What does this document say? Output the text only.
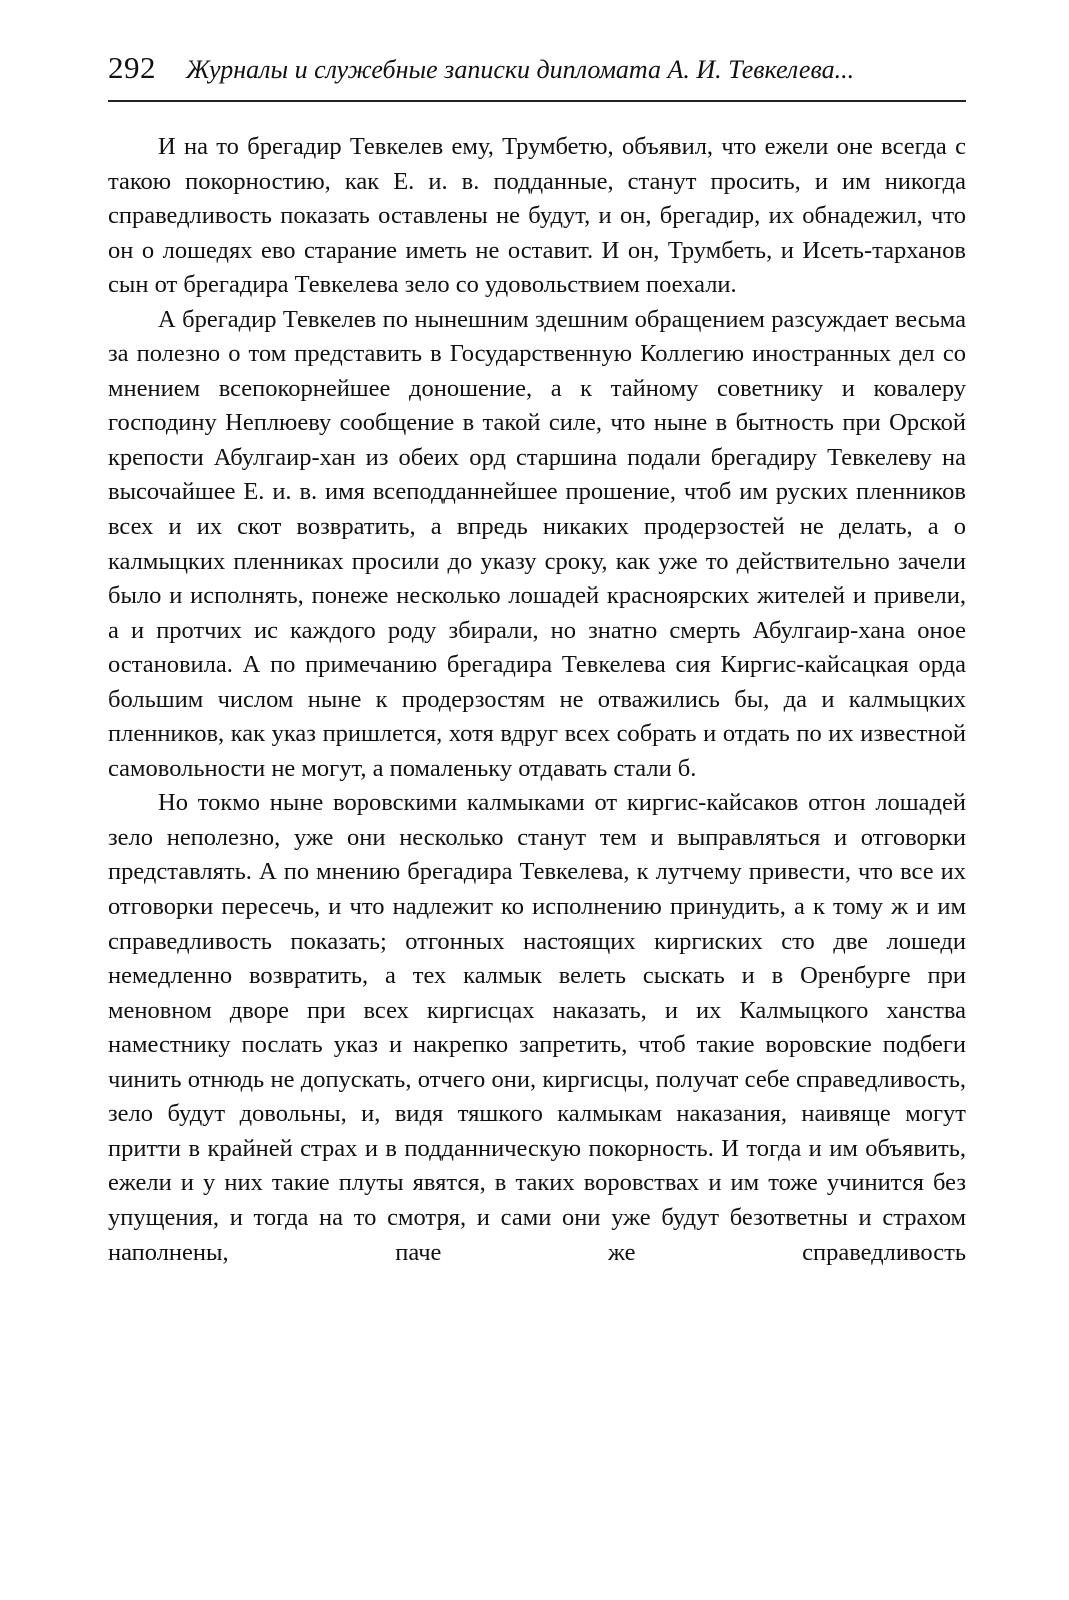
292 Журналы и служебные записки дипломата А. И. Тевкелева...

И на то брегадир Тевкелев ему, Трумбетю, объявил, что ежели оне всегда с такою покорностию, как Е. и. в. подданные, станут просить, и им никогда справедливость показать оставлены не будут, и он, брегадир, их обнадежил, что он о лошедях ево старание иметь не оставит. И он, Трумбеть, и Исеть-тарханов сын от брегадира Тевкелева зело со удовольствием поехали.

А брегадир Тевкелев по нынешним здешним обращением разсуждает весьма за полезно о том представить в Государственную Коллегию иностранных дел со мнением всепокорнейшее доношение, а к тайному советнику и ковалеру господину Неплюеву сообщение в такой силе, что ныне в бытность при Орской крепости Абулгаир-хан из обеих орд старшина подали брегадиру Тевкелеву на высочайшее Е. и. в. имя всеподданнейшее прошение, чтоб им руских пленников всех и их скот возвратить, а впредь никаких продерзостей не делать, а о калмыцких пленниках просили до указу сроку, как уже то действительно зачели было и исполнять, понеже несколько лошадей красноярских жителей и привели, а и протчих ис каждого роду збирали, но знатно смерть Абулгаир-хана оное остановила. А по примечанию брегадира Тевкелева сия Киргис-кайсацкая орда большим числом ныне к продерзостям не отважились бы, да и калмыцких пленников, как указ пришлется, хотя вдруг всех собрать и отдать по их известной самовольности не могут, а помаленьку отдавать стали б.

Но токмо ныне воровскими калмыками от киргис-кайсаков отгон лошадей зело неполезно, уже они несколько станут тем и выправляться и отговорки представлять. А по мнению брегадира Тевкелева, к лутчему привести, что все их отговорки пересечь, и что надлежит ко исполнению принудить, а к тому ж и им справедливость показать; отгонных настоящих киргиских сто две лошеди немедленно возвратить, а тех калмык велеть сыскать и в Оренбурге при меновном дворе при всех киргисцах наказать, и их Калмыцкого ханства наместнику послать указ и накрепко запретить, чтоб такие воровские подбеги чинить отнюдь не допускать, отчего они, киргисцы, получат себе справедливость, зело будут довольны, и, видя тяшкого калмыкам наказания, наивяще могут притти в крайней страх и в подданническую покорность. И тогда и им объявить, ежели и у них такие плуты явятся, в таких воровствах и им тоже учинится без упущения, и тогда на то смотря, и сами они уже будут безответны и страхом наполнены, паче же справедливость
